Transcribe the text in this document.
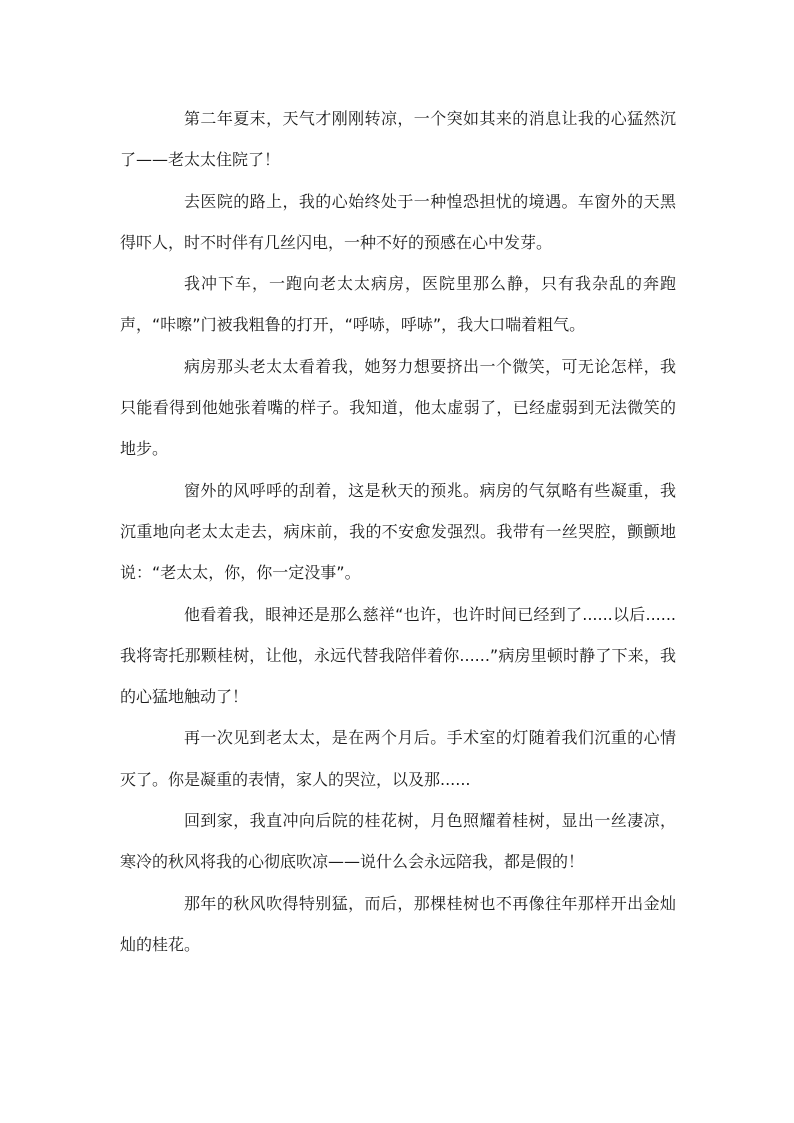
第二年夏末，天气才刚刚转凉，一个突如其来的消息让我的心猛然沉了——老太太住院了！

去医院的路上，我的心始终处于一种惶恐担忧的境遇。车窗外的天黑得吓人，时不时伴有几丝闪电，一种不好的预感在心中发芽。

我冲下车，一跑向老太太病房，医院里那么静，只有我杂乱的奔跑声，“咔嚓”门被我粗鲁的打开，“呼哧，呼哧”，我大口喘着粗气。

病房那头老太太看着我，她努力想要挤出一个微笑，可无论怎样，我只能看得到他她张着嘴的样子。我知道，他太虚弱了，已经虚弱到无法微笑的地步。

窗外的风呼呼的刮着，这是秋天的预兆。病房的气氛略有些凝重，我沉重地向老太太走去，病床前，我的不安愈发强烈。我带有一丝哭腔，颤颤地说：“老太太，你，你一定没事”。

他看着我，眼神还是那么慈祥“也许，也许时间已经到了......以后......我将寄托那颗桂树，让他，永远代替我陪伴着你......”病房里顿时静了下来，我的心猛地触动了！

再一次见到老太太，是在两个月后。手术室的灯随着我们沉重的心情灭了。你是凝重的表情，家人的哭泣，以及那......

回到家，我直冲向后院的桂花树，月色照耀着桂树，显出一丝凄凉，寒冷的秋风将我的心彻底吹凉——说什么会永远陪我，都是假的！

那年的秋风吹得特别猛，而后，那棵桂树也不再像往年那样开出金灿灿的桂花。
